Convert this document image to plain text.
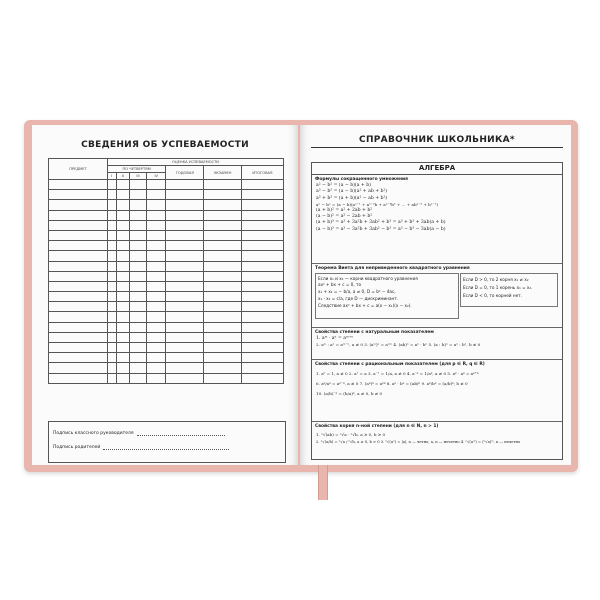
СВЕДЕНИЯ ОБ УСПЕВАЕМОСТИ
ПРЕДМЕТ	ОЦЕНКА УСПЕВАЕМОСТИ						
	ПО ЧЕТВЕРТЯМ				ГОДОВАЯ	ЭКЗАМЕН	ИТОГОВАЯ
	I	II	III	IV			

Подпись классного руководителя
Подпись родителей
СПРАВОЧНИК ШКОЛЬНИКА*
АЛГЕБРА
Формулы сокращенного умножения
a² − b² = (a − b)(a + b)
a³ − b³ = (a − b)(a² + ab + b²)
a³ + b³ = (a + b)(a² − ab + b²)
aⁿ − bⁿ = (a − b)(aⁿ⁻¹ + aⁿ⁻²b + aⁿ⁻³b² + ... + abⁿ⁻² + bⁿ⁻¹)
(a + b)² = a² + 2ab + b²
(a − b)² = a² − 2ab + b²
(a + b)³ = a³ + 3a²b + 3ab² + b³ = a³ + b³ + 3ab(a + b)
(a − b)³ = a³ − 3a²b + 3ab² − b³ = a³ − b³ − 3ab(a − b)
Теорема Виета для неприведенного квадратного уравнения
Если x₁ и x₂ — корни квадратного уравнения
ax² + bx + c = 0, то
x₁ + x₂ = − b/a, a ≠ 0, D = b² − 4ac,
x₁ · x₂ = c/a, где D — дискриминант.
Следствие ax² + bx + c = a(x − x₁)(x − x₂).
Если D > 0, то 2 корня x₁ ≠ x₂
Если D = 0, то 1 корень x₁ = x₂.
Если D < 0, то корней нет.
Свойства степени с натуральным показателем
1. aᵐ · aⁿ = aᵐ⁺ⁿ
2. aᵐ : aⁿ = aᵐ⁻ⁿ, a ≠ 0 3. (aᵐ)ⁿ = aᵐⁿ 4. (ab)ⁿ = aⁿ · bⁿ 5. (a : b)ⁿ = aⁿ : bⁿ, b ≠ 0
Свойства степени с рациональным показателем (для p ∈ R, q ∈ R)
1. a⁰ = 1, a ≠ 0 2. a¹ = a 3. a⁻¹ = 1/a, a ≠ 0 4. a⁻ᵖ = 1/aᵖ, a ≠ 0 5. aᵖ · aᵍ = aᵖ⁺ᵍ
6. aᵖ/aᵍ = aᵖ⁻ᵍ, a ≠ 0 7. (aᵖ)ᵍ = aᵖᵍ 8. aᵖ · bᵖ = (ab)ᵖ 9. aᵖ/bᵖ = (a/b)ᵖ; b ≠ 0
10. (a/b)⁻ᵖ = (b/a)ᵖ, a ≠ 0, b ≠ 0
Свойства корня n-ной степени (для n ∈ N, n > 1)
1. ⁿ√(ab) = ⁿ√a · ⁿ√b, a ≥ 0, b ≥ 0
2. ⁿ√(a/b) = ⁿ√a / ⁿ√b, a ≥ 0, b > 0 3. ⁿ√(aⁿ) = |a|, n — четно; a, n — нечетно 4. ⁿ√(aᵐ) = (ⁿ√a)ᵐ, n — нечетно
